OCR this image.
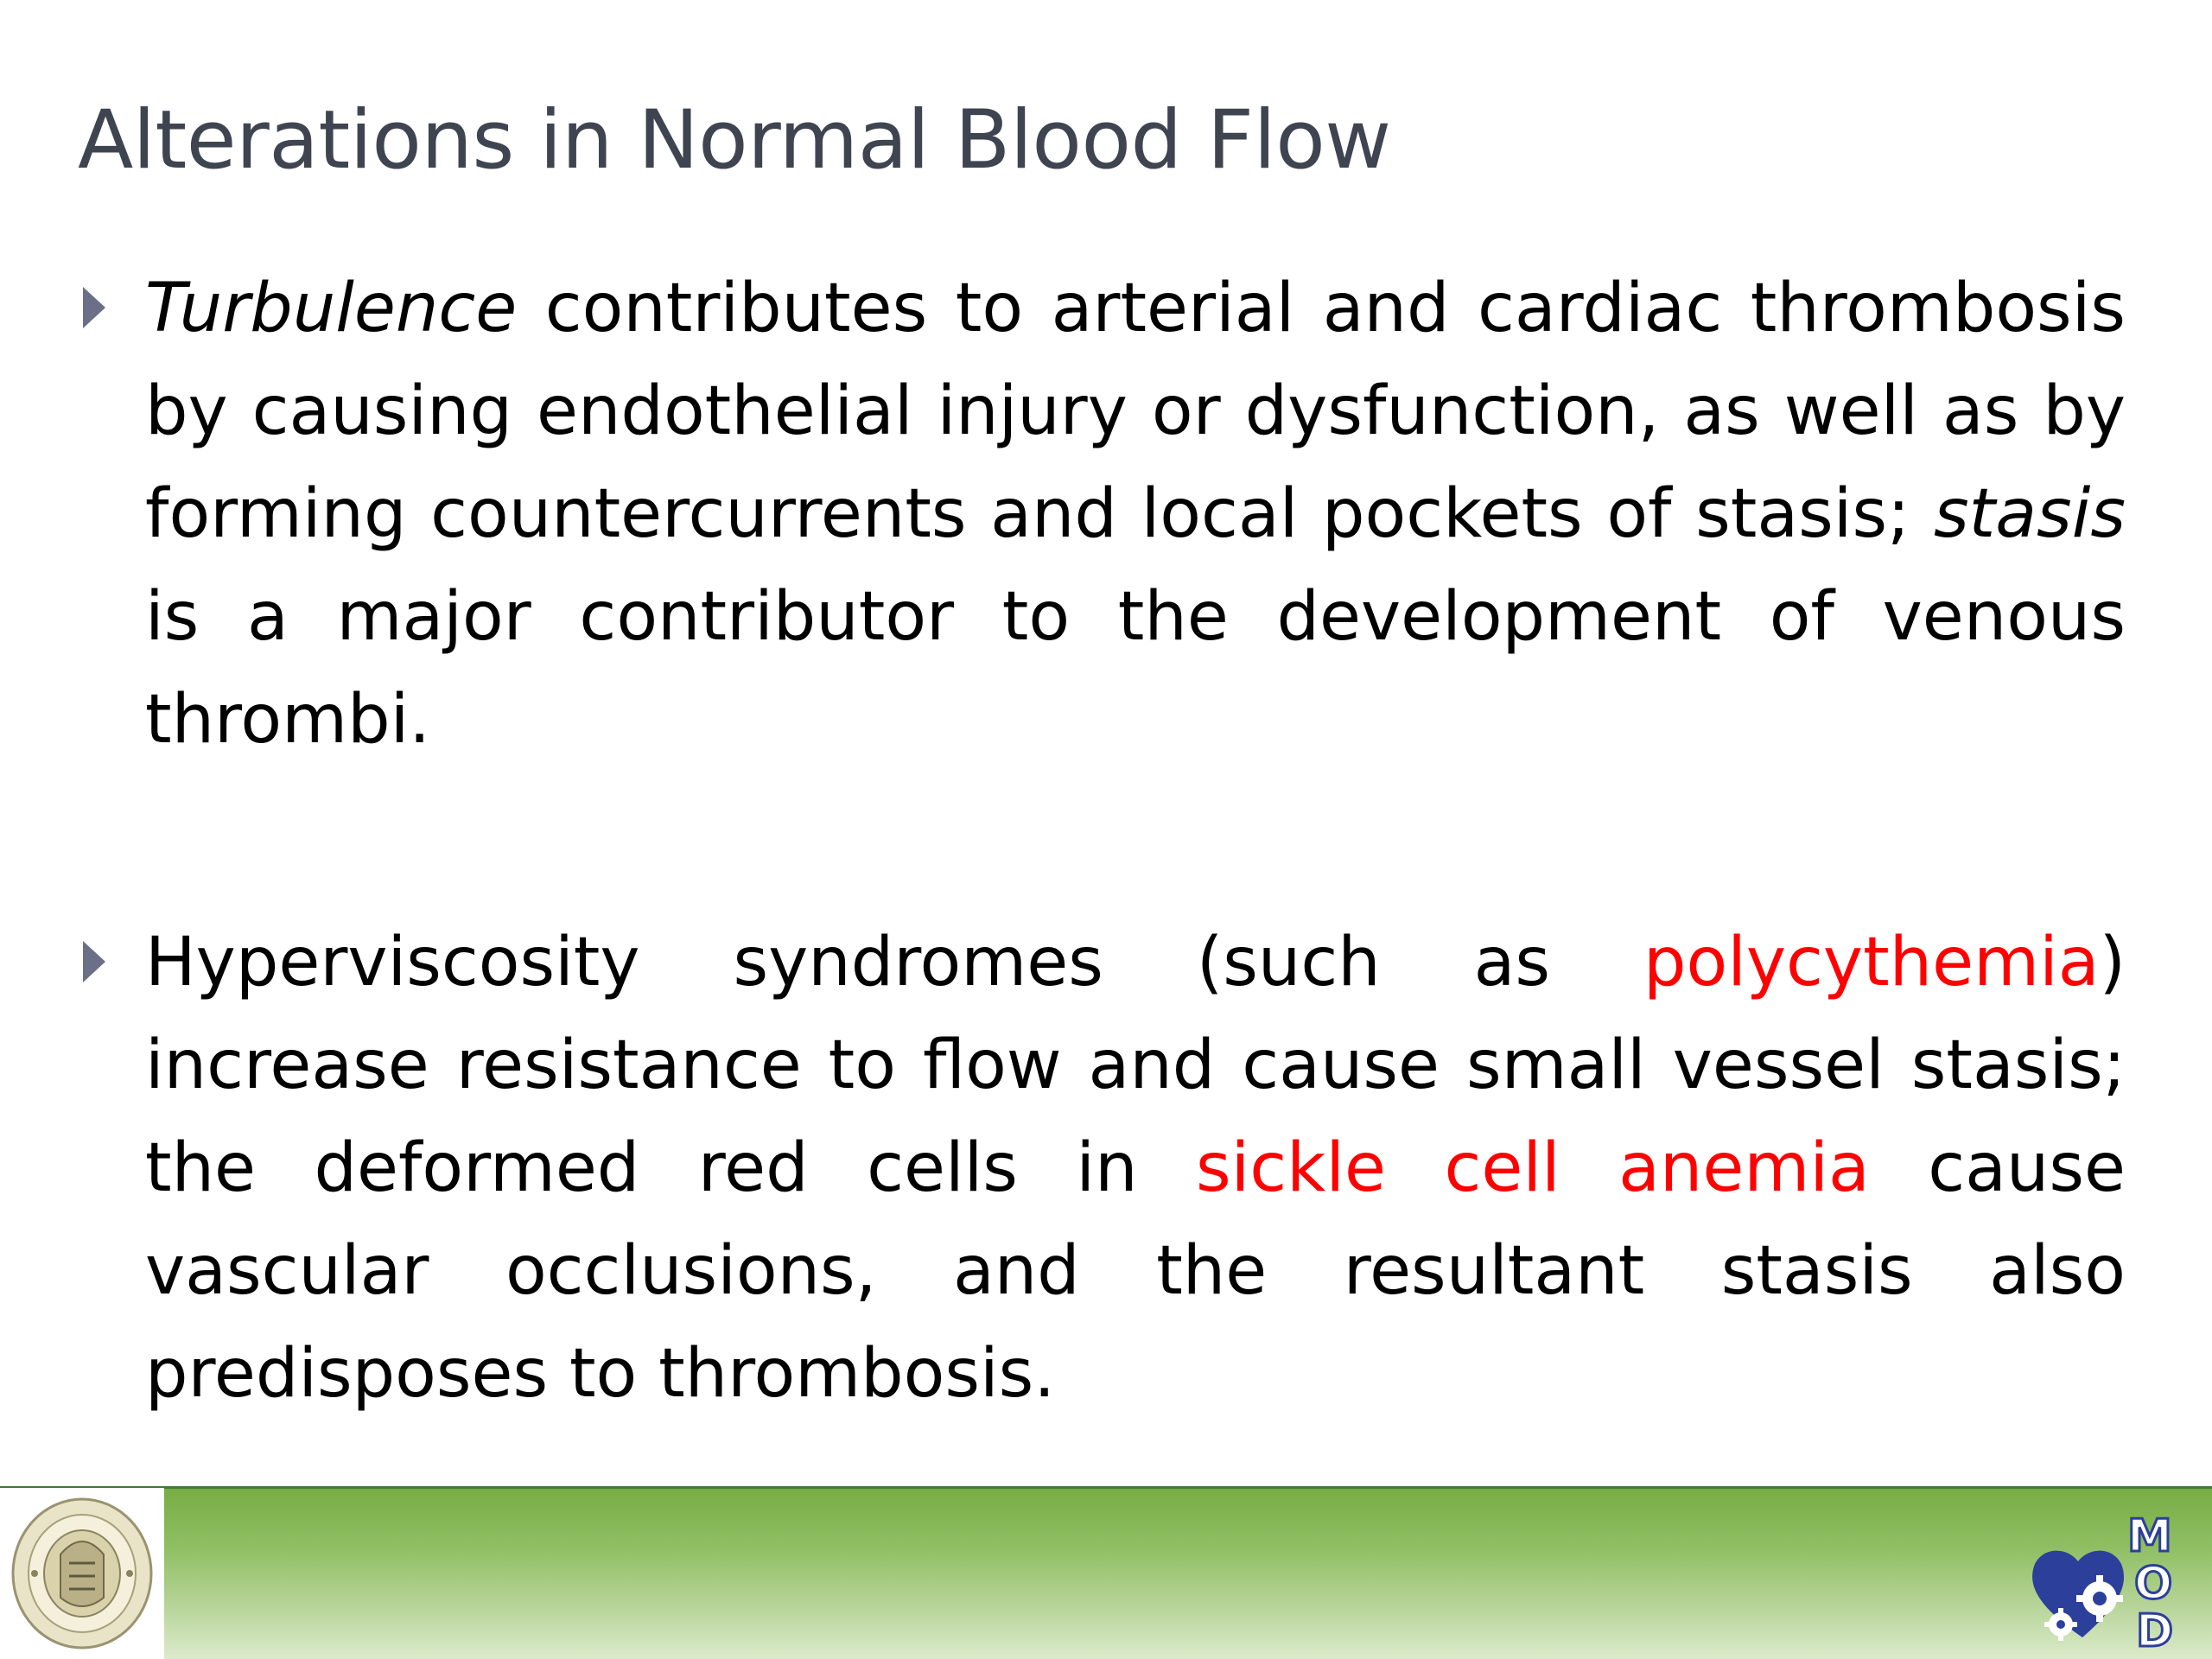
Alterations in Normal Blood Flow
Turbulence contributes to arterial and cardiac thrombosis by causing endothelial injury or dysfunction, as well as by forming countercurrents and local pockets of stasis; stasis is a major contributor to the development of venous thrombi.
Hyperviscosity syndromes (such as polycythemia) increase resistance to flow and cause small vessel stasis; the deformed red cells in sickle cell anemia cause vascular occlusions, and the resultant stasis also predisposes to thrombosis.
M
O
D
